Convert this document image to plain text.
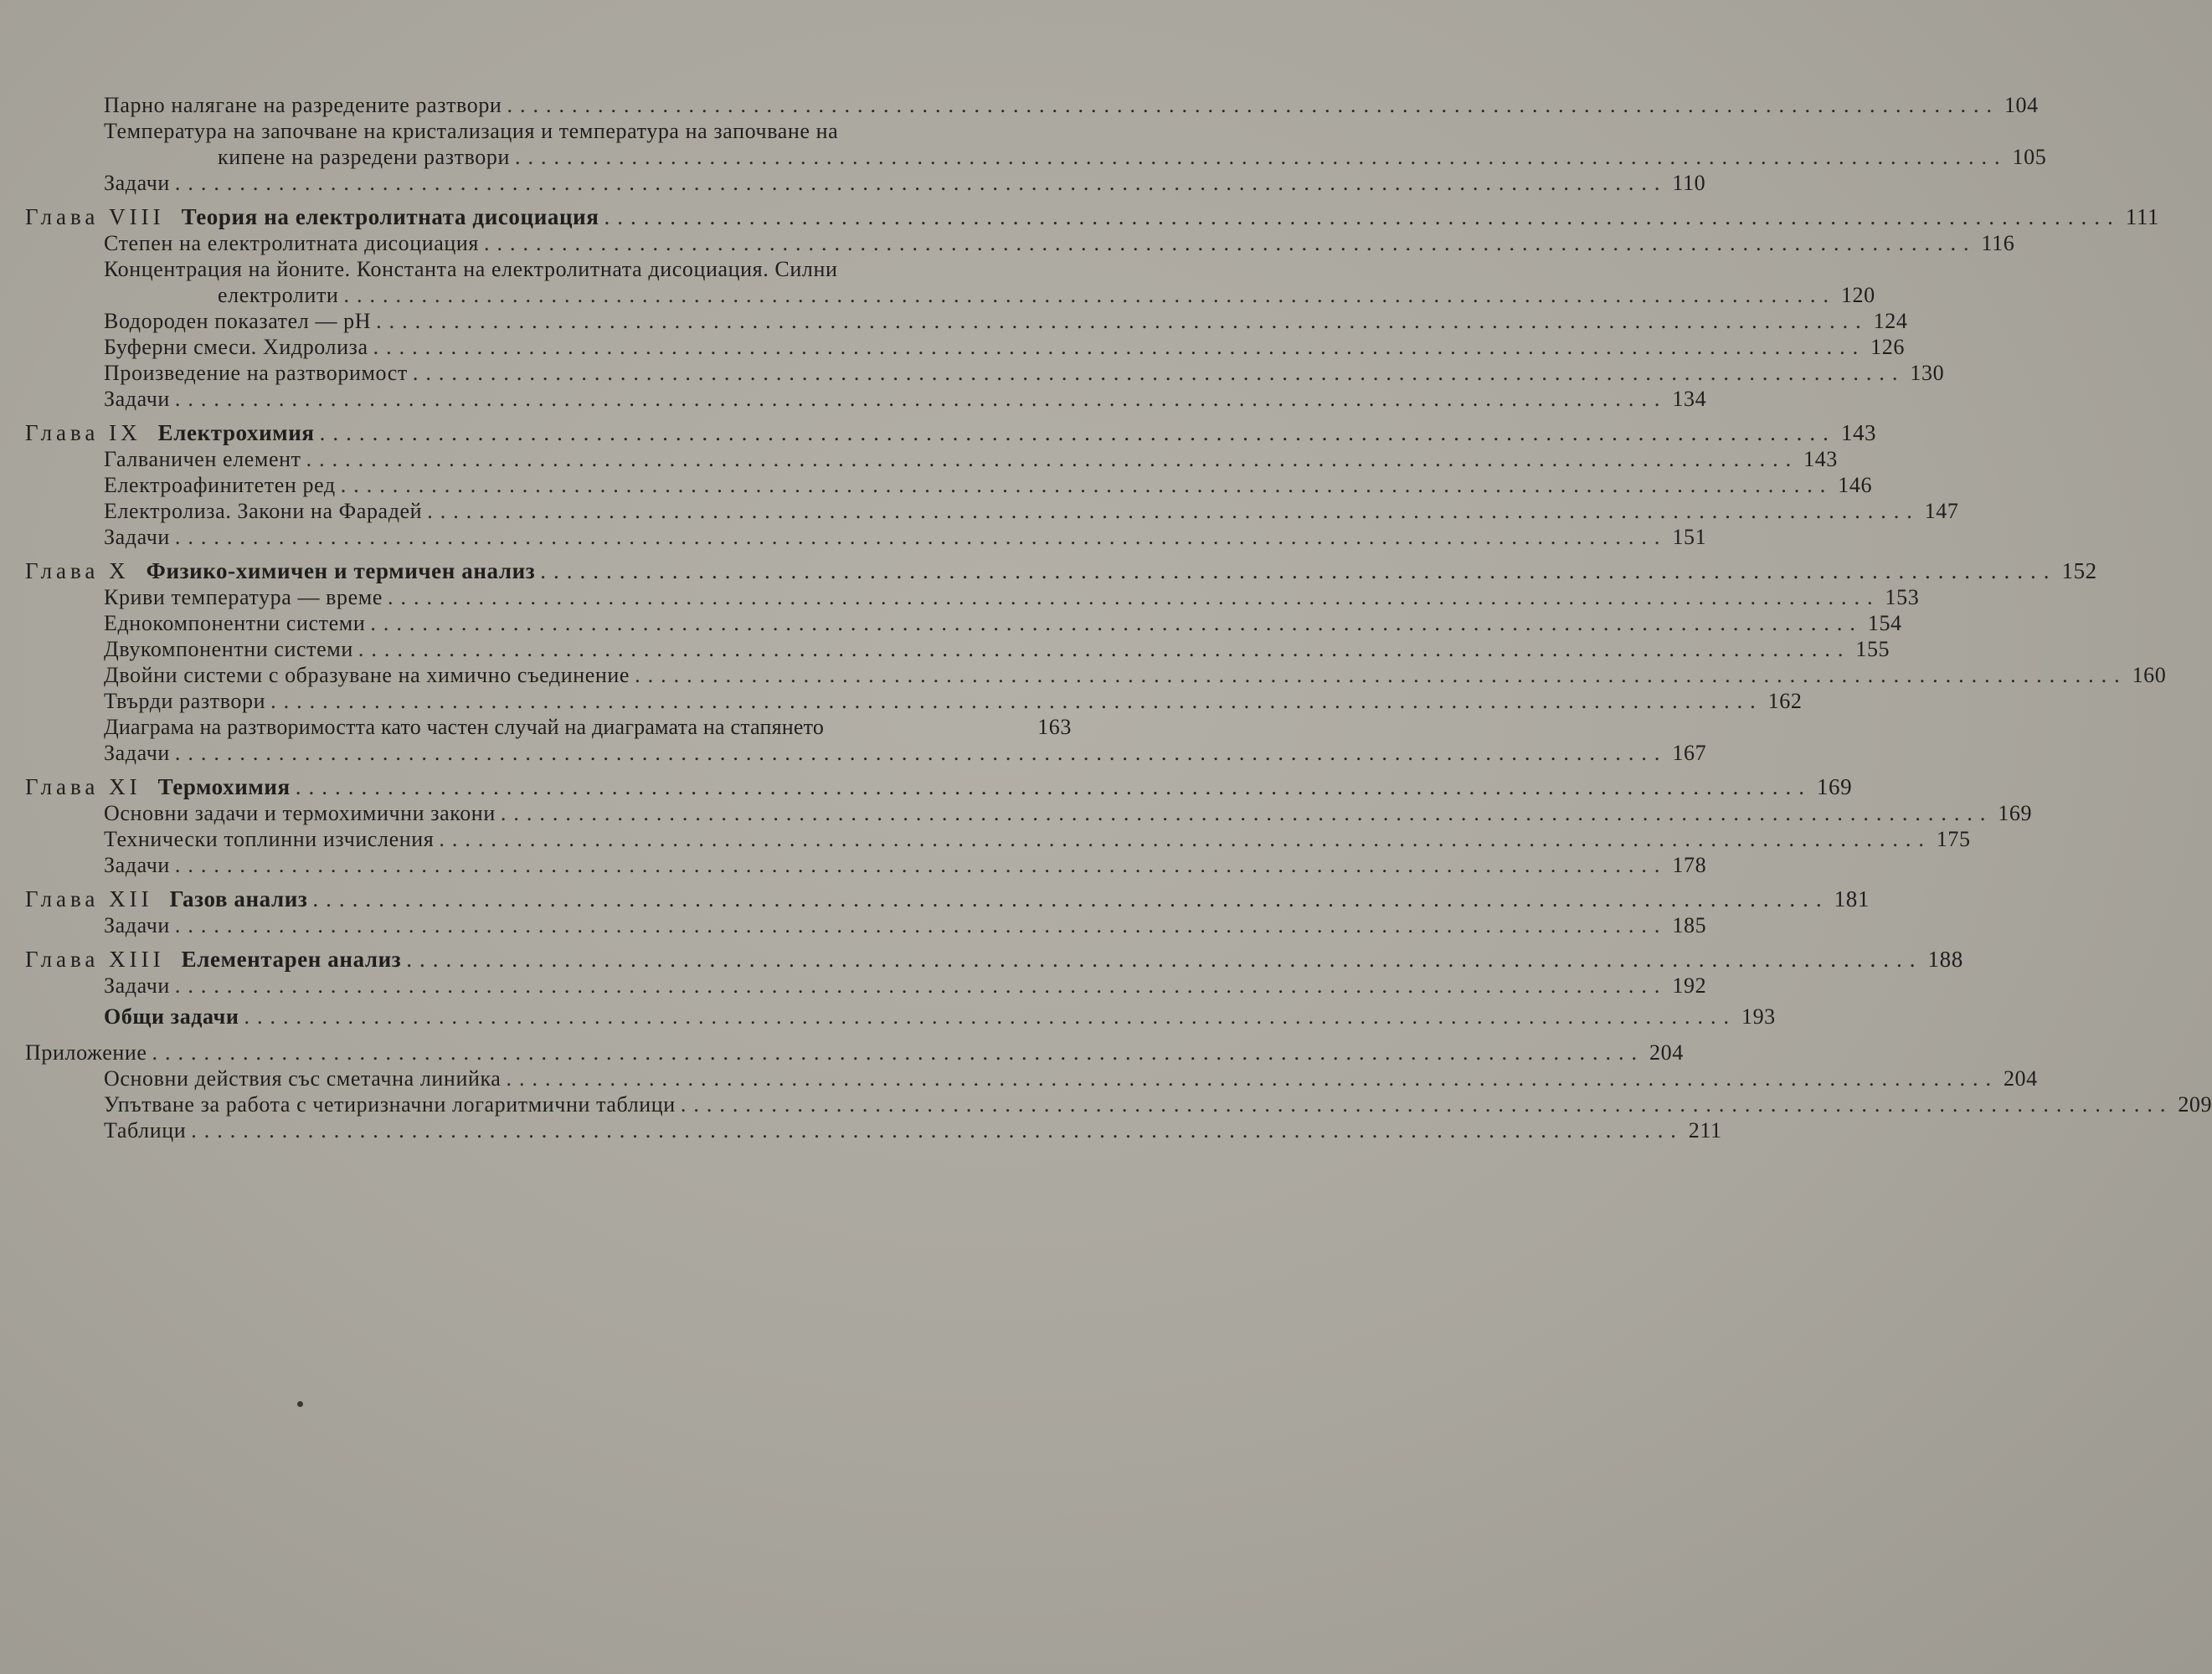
Парно налягане на разредените разтвори ................................................................................................................... 104
Температура на започване на кристализация и температура на започване на
кипене на разредени разтвори ................................................................................................................... 105
Задачи ................................................................................................................... 110
Глава VIII Теория на електролитната дисоциация ................................................................................................................... 111
Степен на електролитната дисоциация ................................................................................................................... 116
Концентрация на йоните. Константа на електролитната дисоциация. Силни
електролити ................................................................................................................... 120
Водороден показател — pH ................................................................................................................... 124
Буферни смеси. Хидролиза ................................................................................................................... 126
Произведение на разтворимост ................................................................................................................... 130
Задачи ................................................................................................................... 134
Глава IX Електрохимия ................................................................................................................... 143
Галваничен елемент ................................................................................................................... 143
Електроафинитетен ред ................................................................................................................... 146
Електролиза. Закони на Фарадей ................................................................................................................... 147
Задачи ................................................................................................................... 151
Глава X Физико-химичен и термичен анализ ................................................................................................................... 152
Криви температура — време ................................................................................................................... 153
Еднокомпонентни системи ................................................................................................................... 154
Двукомпонентни системи ................................................................................................................... 155
Двойни системи с образуване на химично съединение ................................................................................................................... 160
Твърди разтвори ................................................................................................................... 162
Диаграма на разтворимостта като частен случай на диаграмата на стапянето	163
Задачи ................................................................................................................... 167
Глава XI Термохимия ................................................................................................................... 169
Основни задачи и термохимични закони ................................................................................................................... 169
Технически топлинни изчисления ................................................................................................................... 175
Задачи ................................................................................................................... 178
Глава XII Газов анализ ................................................................................................................... 181
Задачи ................................................................................................................... 185
Глава XIII Елементарен анализ ................................................................................................................... 188
Задачи ................................................................................................................... 192
Общи задачи ................................................................................................................... 193
Приложение ................................................................................................................... 204
Основни действия със сметачна линийка ................................................................................................................... 204
Упътване за работа с четиризначни логаритмични таблици ................................................................................................................... 209
Таблици ................................................................................................................... 211
